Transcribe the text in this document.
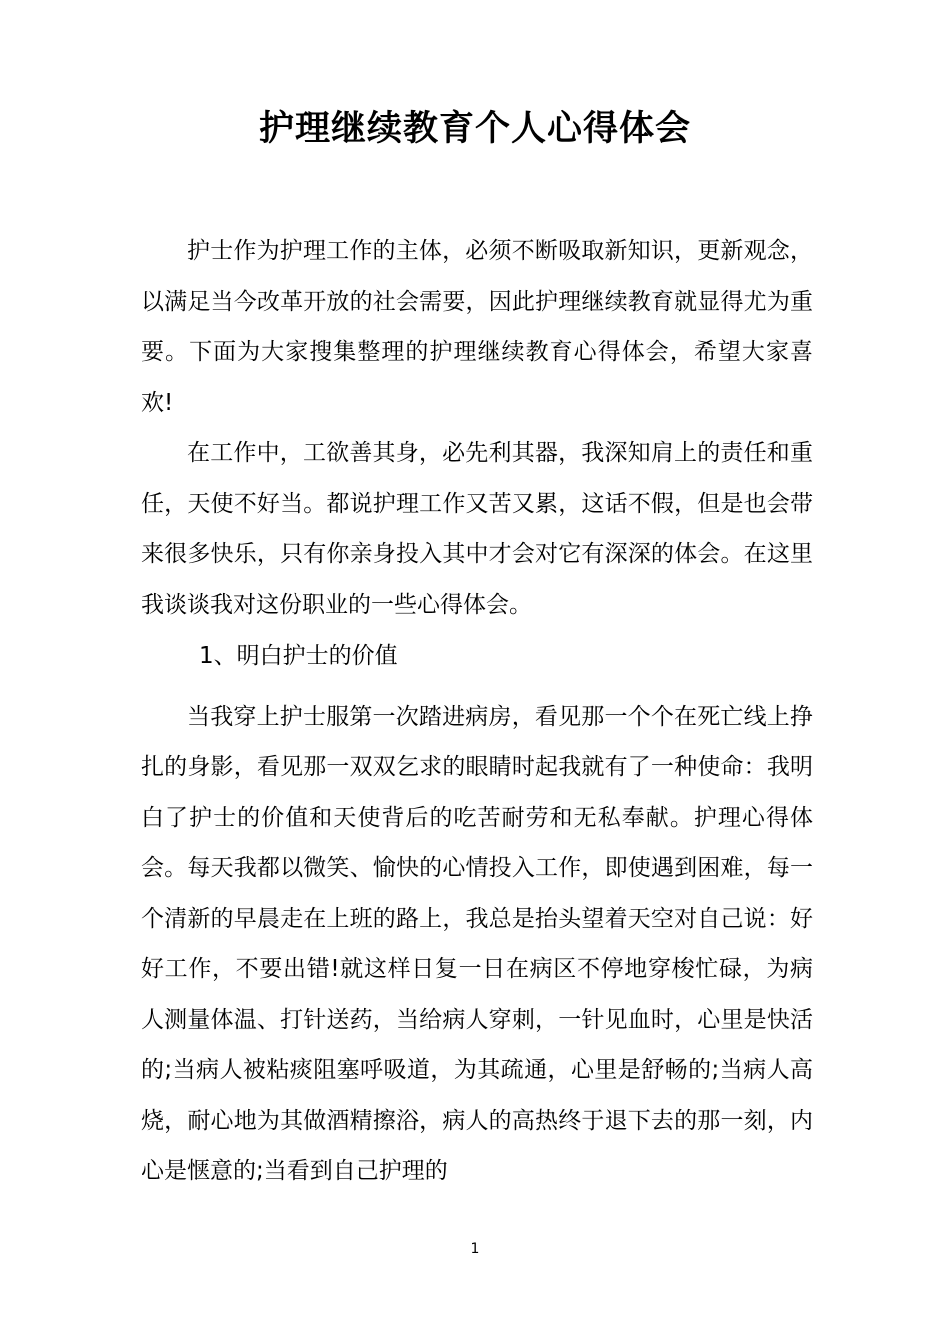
护理继续教育个人心得体会

护士作为护理工作的主体，必须不断吸取新知识，更新观念，以满足当今改革开放的社会需要，因此护理继续教育就显得尤为重要。下面为大家搜集整理的护理继续教育心得体会，希望大家喜欢!

在工作中，工欲善其身，必先利其器，我深知肩上的责任和重任，天使不好当。都说护理工作又苦又累，这话不假，但是也会带来很多快乐，只有你亲身投入其中才会对它有深深的体会。在这里我谈谈我对这份职业的一些心得体会。

1、明白护士的价值

当我穿上护士服第一次踏进病房，看见那一个个在死亡线上挣扎的身影，看见那一双双乞求的眼睛时起我就有了一种使命：我明白了护士的价值和天使背后的吃苦耐劳和无私奉献。护理心得体会。每天我都以微笑、愉快的心情投入工作，即使遇到困难，每一个清新的早晨走在上班的路上，我总是抬头望着天空对自己说：好好工作，不要出错!就这样日复一日在病区不停地穿梭忙碌，为病人测量体温、打针送药，当给病人穿刺，一针见血时，心里是快活的;当病人被粘痰阻塞呼吸道，为其疏通，心里是舒畅的;当病人高烧，耐心地为其做酒精擦浴，病人的高热终于退下去的那一刻，内心是惬意的;当看到自己护理的

1
